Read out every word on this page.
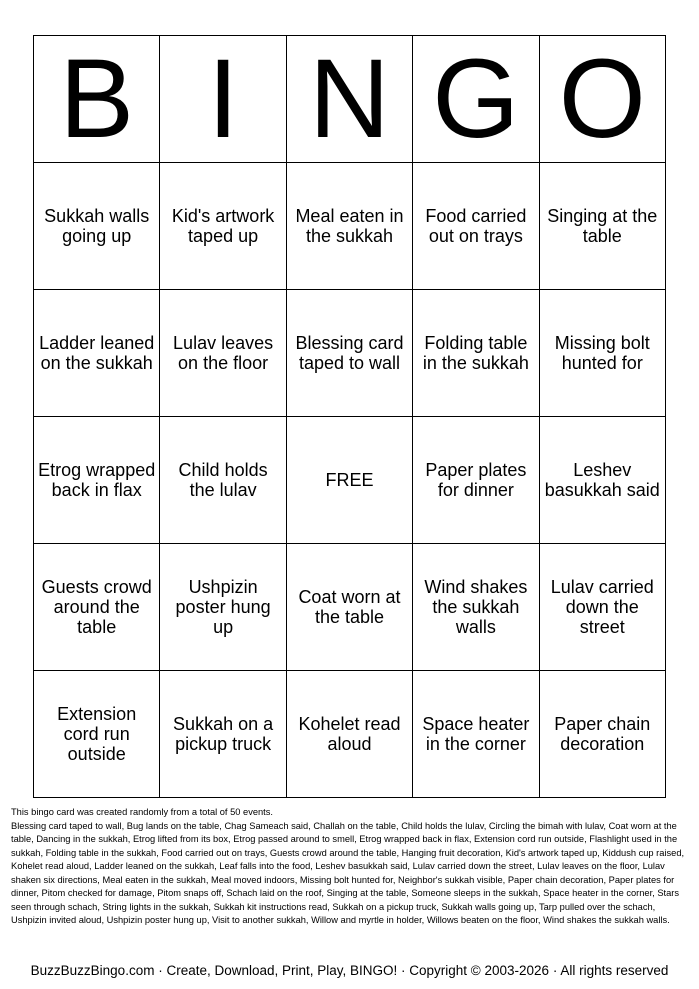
B	I	N	G	O
Sukkah walls going up	Kid's artwork taped up	Meal eaten in the sukkah	Food carried out on trays	Singing at the table
Ladder leaned on the sukkah	Lulav leaves on the floor	Blessing card taped to wall	Folding table in the sukkah	Missing bolt hunted for
Etrog wrapped back in flax	Child holds the lulav	FREE	Paper plates for dinner	Leshev basukkah said
Guests crowd around the table	Ushpizin poster hung up	Coat worn at the table	Wind shakes the sukkah walls	Lulav carried down the street
Extension cord run outside	Sukkah on a pickup truck	Kohelet read aloud	Space heater in the corner	Paper chain decoration

This bingo card was created randomly from a total of 50 events.

Blessing card taped to wall, Bug lands on the table, Chag Sameach said, Challah on the table, Child holds the lulav, Circling the bimah with lulav, Coat worn at the table, Dancing in the sukkah, Etrog lifted from its box, Etrog passed around to smell, Etrog wrapped back in flax, Extension cord run outside, Flashlight used in the sukkah, Folding table in the sukkah, Food carried out on trays, Guests crowd around the table, Hanging fruit decoration, Kid's artwork taped up, Kiddush cup raised, Kohelet read aloud, Ladder leaned on the sukkah, Leaf falls into the food, Leshev basukkah said, Lulav carried down the street, Lulav leaves on the floor, Lulav shaken six directions, Meal eaten in the sukkah, Meal moved indoors, Missing bolt hunted for, Neighbor's sukkah visible, Paper chain decoration, Paper plates for dinner, Pitom checked for damage, Pitom snaps off, Schach laid on the roof, Singing at the table, Someone sleeps in the sukkah, Space heater in the corner, Stars seen through schach, String lights in the sukkah, Sukkah kit instructions read, Sukkah on a pickup truck, Sukkah walls going up, Tarp pulled over the schach, Ushpizin invited aloud, Ushpizin poster hung up, Visit to another sukkah, Willow and myrtle in holder, Willows beaten on the floor, Wind shakes the sukkah walls.

BuzzBuzzBingo.com · Create, Download, Print, Play, BINGO! · Copyright © 2003-2026 · All rights reserved
